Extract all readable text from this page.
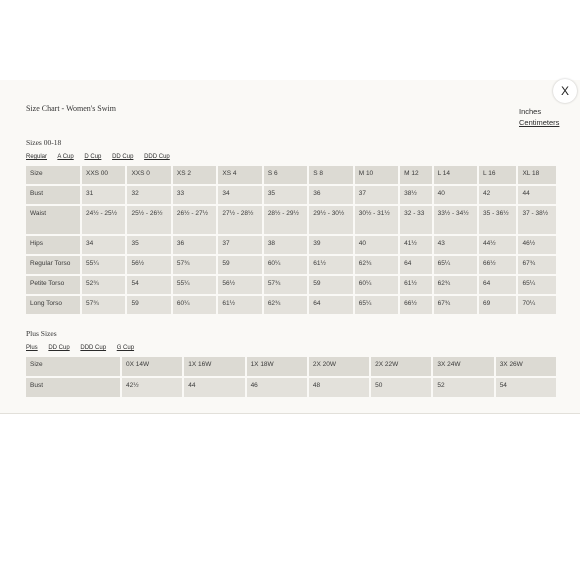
X
Size Chart - Women's Swim	Inches
Centimeters
Sizes 00-18
Regular A Cup D Cup DD Cup DDD Cup
Size	XXS 00	XXS 0	XS 2	XS 4	S 6	S 8	M 10	M 12	L 14	L 16	XL 18
Bust	31	32	33	34	35	36	37	38½	40	42	44
Waist	24½ - 25½	25½ - 26½	26½ - 27½	27½ - 28½	28½ - 29½	29½ - 30½	30½ - 31½	32 - 33	33½ - 34½	35 - 36½	37 - 38½
Hips	34	35	36	37	38	39	40	41½	43	44½	46½
Regular Torso	55¼	56½	57¾	59	60¼	61½	62¾	64	65¼	66½	67¾
Petite Torso	52¾	54	55¼	56½	57¾	59	60¼	61½	62¾	64	65¼
Long Torso	57¾	59	60¼	61½	62¾	64	65¼	66½	67¾	69	70¼
Plus Sizes
Plus DD Cup DDD Cup G Cup
Size	0X 14W	1X 16W	1X 18W	2X 20W	2X 22W	3X 24W	3X 26W
Bust	42½	44	46	48	50	52	54
